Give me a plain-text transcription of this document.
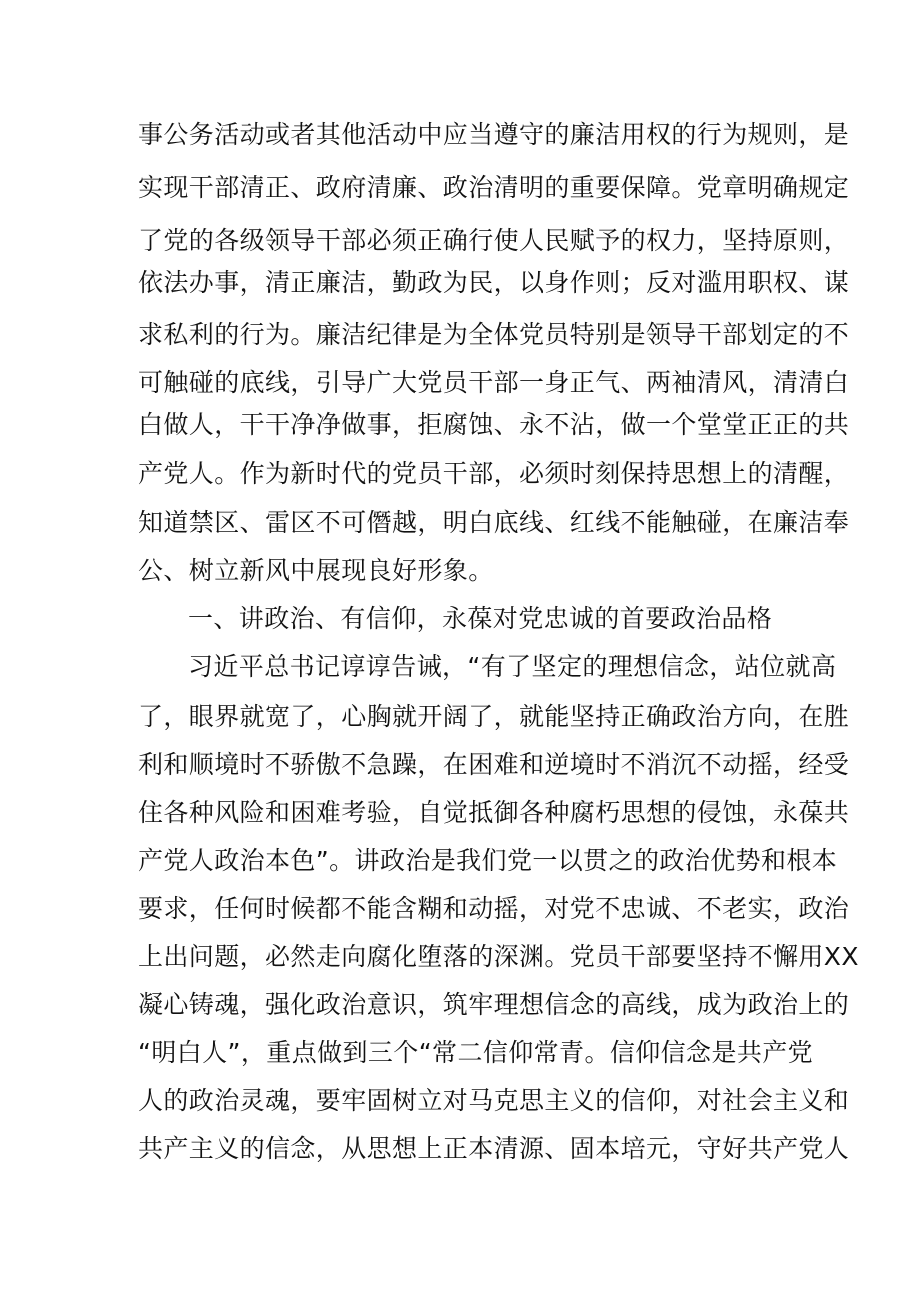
事公务活动或者其他活动中应当遵守的廉洁用权的行为规则，是
实现干部清正、政府清廉、政治清明的重要保障。党章明确规定
了党的各级领导干部必须正确行使人民赋予的权力，坚持原则，
依法办事，清正廉洁，勤政为民，以身作则；反对滥用职权、谋
求私利的行为。廉洁纪律是为全体党员特别是领导干部划定的不
可触碰的底线，引导广大党员干部一身正气、两袖清风，清清白
白做人，干干净净做事，拒腐蚀、永不沾，做一个堂堂正正的共
产党人。作为新时代的党员干部，必须时刻保持思想上的清醒，
知道禁区、雷区不可僭越，明白底线、红线不能触碰，在廉洁奉
公、树立新风中展现良好形象。
一、讲政治、有信仰，永葆对党忠诚的首要政治品格
习近平总书记谆谆告诫，“有了坚定的理想信念，站位就高
了，眼界就宽了，心胸就开阔了，就能坚持正确政治方向，在胜
利和顺境时不骄傲不急躁，在困难和逆境时不消沉不动摇，经受
住各种风险和困难考验，自觉抵御各种腐朽思想的侵蚀，永葆共
产党人政治本色”。讲政治是我们党一以贯之的政治优势和根本
要求，任何时候都不能含糊和动摇，对党不忠诚、不老实，政治
上出问题，必然走向腐化堕落的深渊。党员干部要坚持不懈用XX
凝心铸魂，强化政治意识，筑牢理想信念的高线，成为政治上的
“明白人”，重点做到三个“常二信仰常青。信仰信念是共产党
人的政治灵魂，要牢固树立对马克思主义的信仰，对社会主义和
共产主义的信念，从思想上正本清源、固本培元，守好共产党人
